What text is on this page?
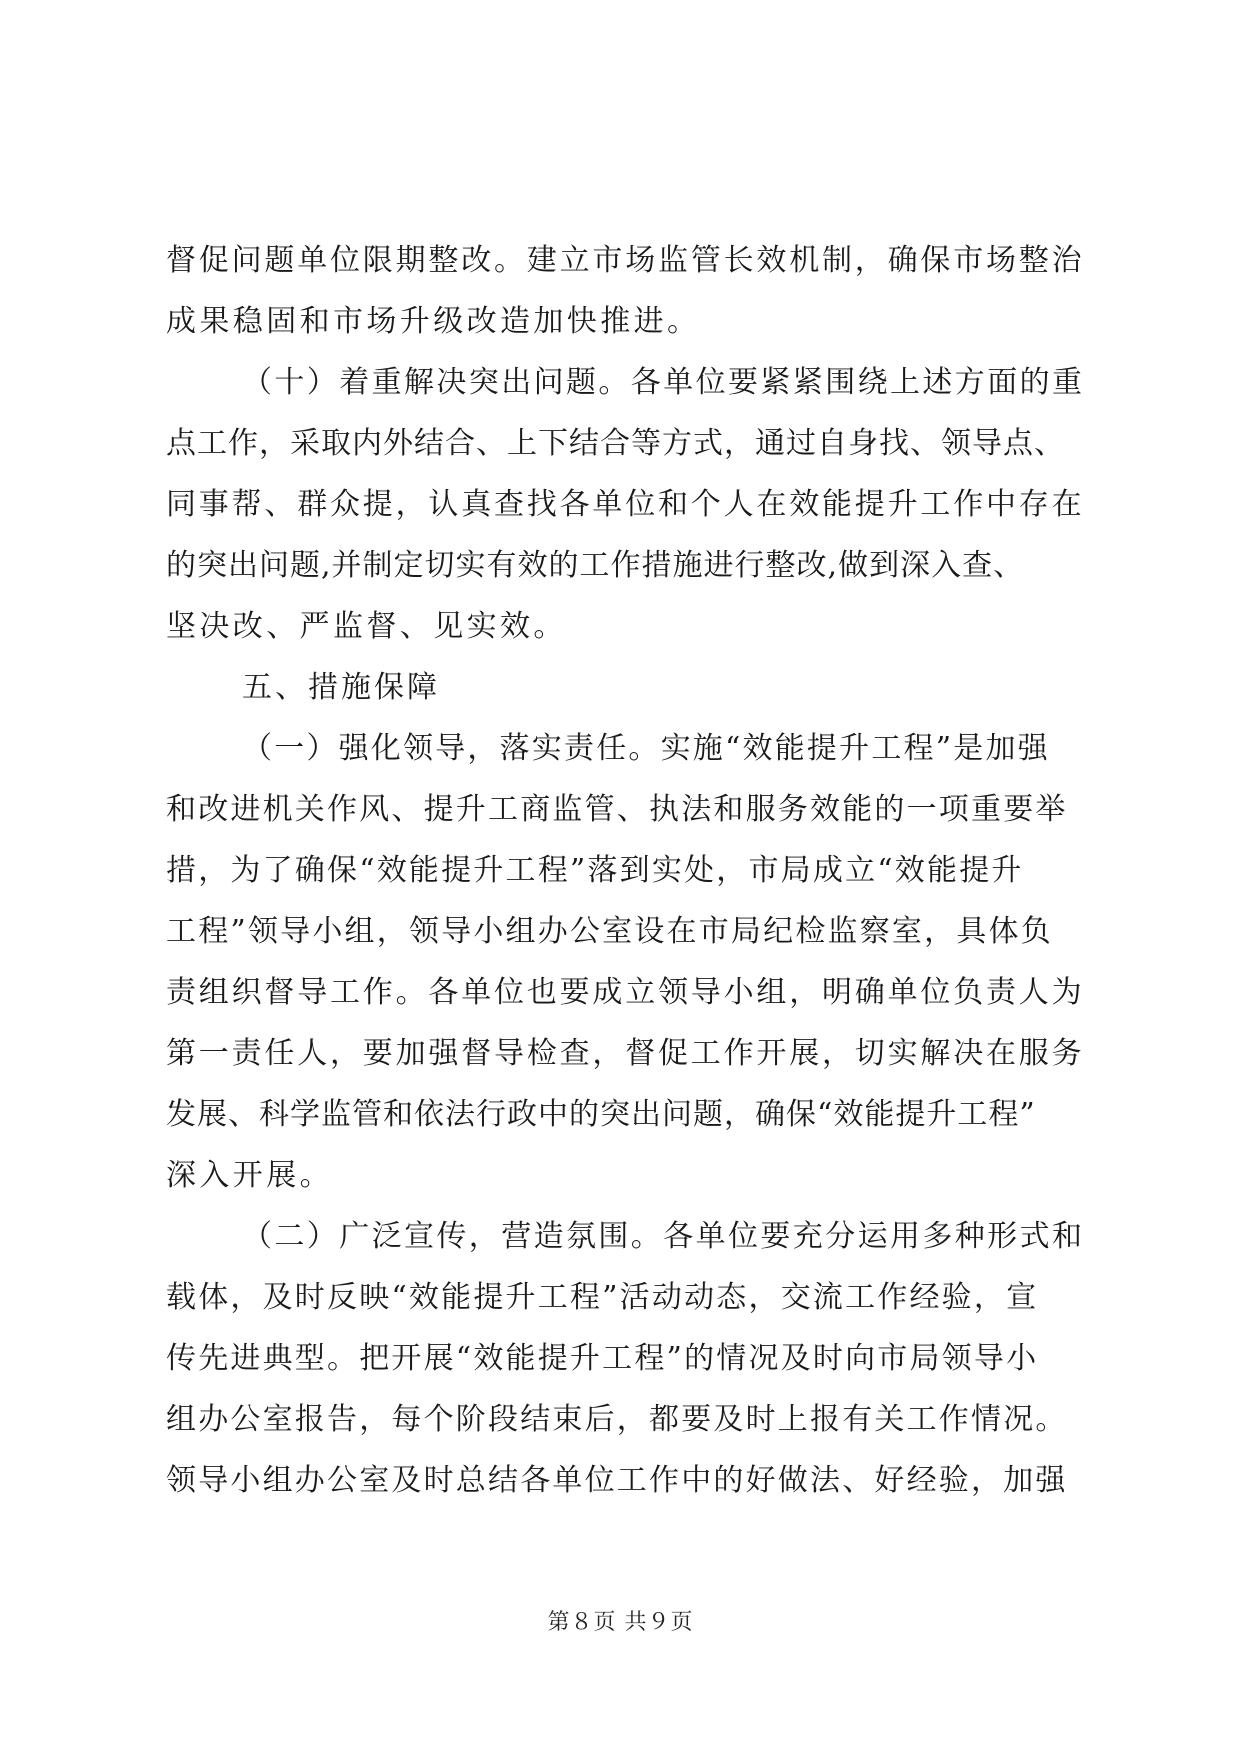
督促问题单位限期整改。建立市场监管长效机制，确保市场整治
成果稳固和市场升级改造加快推进。
（十）着重解决突出问题。各单位要紧紧围绕上述方面的重
点工作，采取内外结合、上下结合等方式，通过自身找、领导点、
同事帮、群众提，认真查找各单位和个人在效能提升工作中存在
的突出问题,并制定切实有效的工作措施进行整改,做到深入查、
坚决改、严监督、见实效。
五、措施保障
（一）强化领导，落实责任。实施“效能提升工程”是加强
和改进机关作风、提升工商监管、执法和服务效能的一项重要举
措，为了确保“效能提升工程”落到实处，市局成立“效能提升
工程”领导小组，领导小组办公室设在市局纪检监察室，具体负
责组织督导工作。各单位也要成立领导小组，明确单位负责人为
第一责任人，要加强督导检查，督促工作开展，切实解决在服务
发展、科学监管和依法行政中的突出问题，确保“效能提升工程”
深入开展。
（二）广泛宣传，营造氛围。各单位要充分运用多种形式和
载体，及时反映“效能提升工程”活动动态，交流工作经验，宣
传先进典型。把开展“效能提升工程”的情况及时向市局领导小
组办公室报告，每个阶段结束后，都要及时上报有关工作情况。
领导小组办公室及时总结各单位工作中的好做法、好经验，加强
第８页 共９页
